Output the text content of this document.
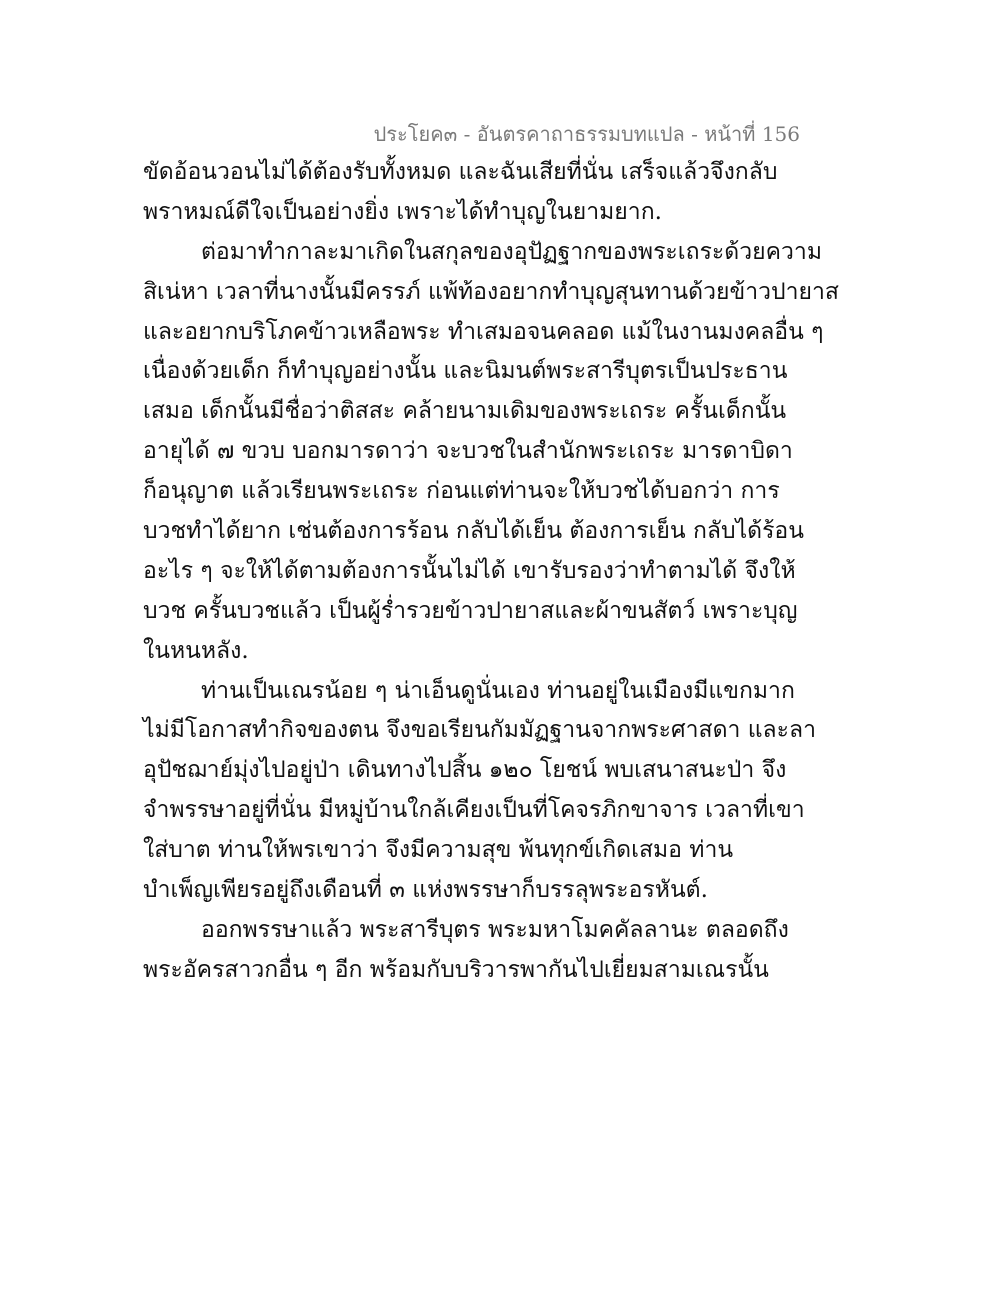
ประโยค๓ - อันตรคาถาธรรมบทแปล - หน้าที่ 156
ขัดอ้อนวอนไม่ได้ต้องรับทั้งหมด และฉันเสียที่นั่น เสร็จแล้วจึงกลับ
พราหมณ์ดีใจเป็นอย่างยิ่ง เพราะได้ทำบุญในยามยาก.
ต่อมาทำกาละมาเกิดในสกุลของอุปัฏฐากของพระเถระด้วยความ
สิเน่หา เวลาที่นางนั้นมีครรภ์ แพ้ท้องอยากทำบุญสุนทานด้วยข้าวปายาส
และอยากบริโภคข้าวเหลือพระ ทำเสมอจนคลอด แม้ในงานมงคลอื่น ๆ
เนื่องด้วยเด็ก ก็ทำบุญอย่างนั้น และนิมนต์พระสารีบุตรเป็นประธาน
เสมอ เด็กนั้นมีชื่อว่าติสสะ คล้ายนามเดิมของพระเถระ ครั้นเด็กนั้น
อายุได้ ๗ ขวบ บอกมารดาว่า จะบวชในสำนักพระเถระ มารดาบิดา
ก็อนุญาต แล้วเรียนพระเถระ ก่อนแต่ท่านจะให้บวชได้บอกว่า การ
บวชทำได้ยาก เช่นต้องการร้อน กลับได้เย็น ต้องการเย็น กลับได้ร้อน
อะไร ๆ จะให้ได้ตามต้องการนั้นไม่ได้ เขารับรองว่าทำตามได้ จึงให้
บวช ครั้นบวชแล้ว เป็นผู้ร่ำรวยข้าวปายาสและผ้าขนสัตว์ เพราะบุญ
ในหนหลัง.
ท่านเป็นเณรน้อย ๆ น่าเอ็นดูนั่นเอง ท่านอยู่ในเมืองมีแขกมาก
ไม่มีโอกาสทำกิจของตน จึงขอเรียนกัมมัฏฐานจากพระศาสดา และลา
อุปัชฌาย์มุ่งไปอยู่ป่า เดินทางไปสิ้น ๑๒๐ โยชน์ พบเสนาสนะป่า จึง
จำพรรษาอยู่ที่นั่น มีหมู่บ้านใกล้เคียงเป็นที่โคจรภิกขาจาร เวลาที่เขา
ใส่บาต ท่านให้พรเขาว่า จึงมีความสุข พ้นทุกข์เกิดเสมอ ท่าน
บำเพ็ญเพียรอยู่ถึงเดือนที่ ๓ แห่งพรรษาก็บรรลุพระอรหันต์.
ออกพรรษาแล้ว พระสารีบุตร พระมหาโมคคัลลานะ ตลอดถึง
พระอัครสาวกอื่น ๆ อีก พร้อมกับบริวารพากันไปเยี่ยมสามเณรนั้น
